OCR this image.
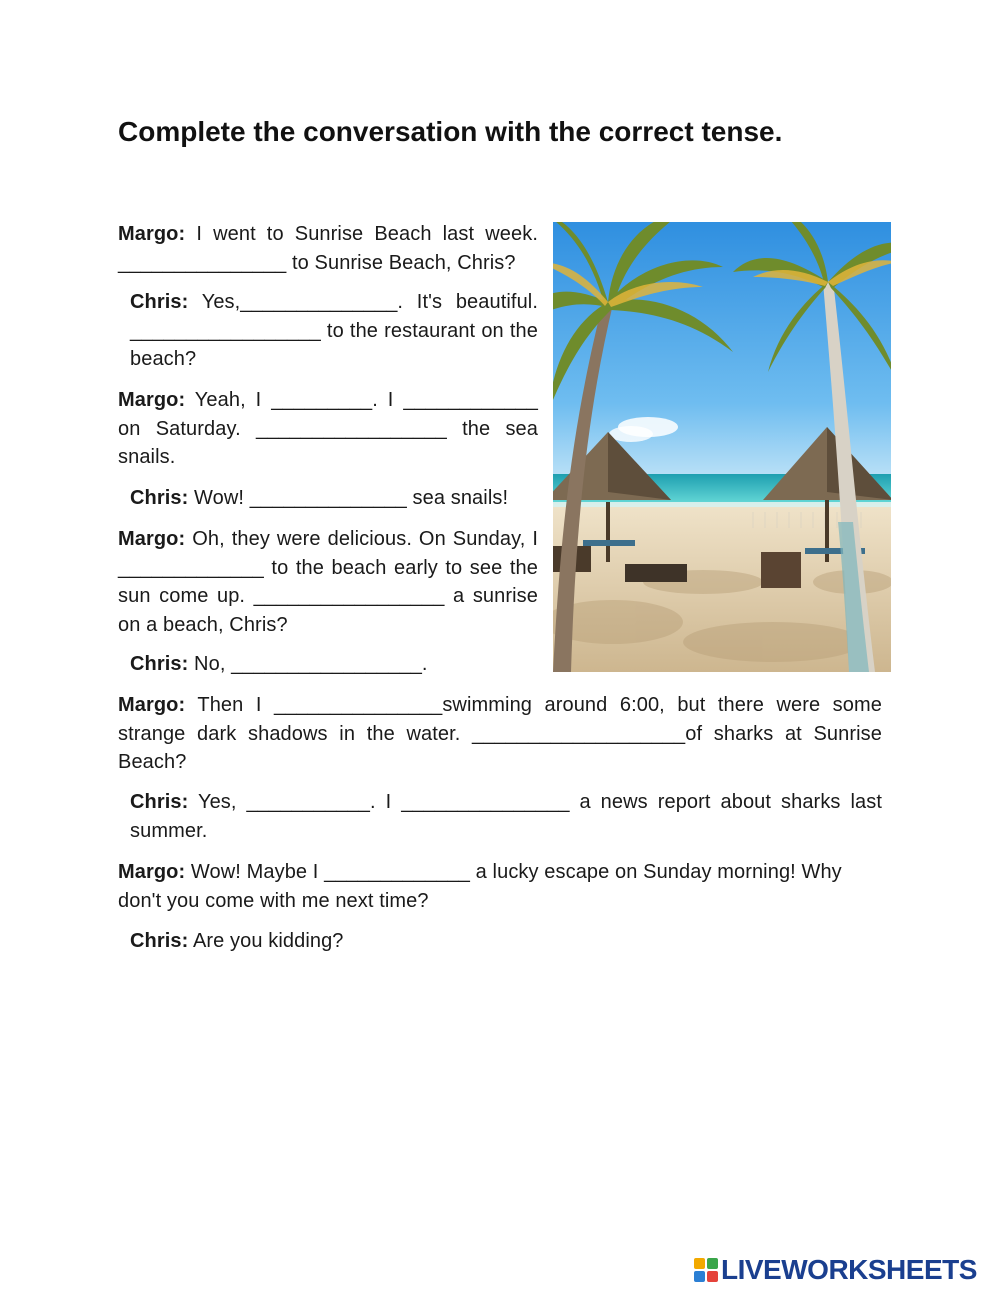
Complete the conversation with the correct tense.

Margo: I went to Sunrise Beach last week. _______________ to Sunrise Beach, Chris?

Chris: Yes,______________. It's beautiful. _________________ to the restaurant on the beach?

Margo: Yeah, I _________. I ____________ on Saturday. _________________ the sea snails.

Chris: Wow! ______________ sea snails!

Margo: Oh, they were delicious. On Sunday, I _____________ to the beach early to see the sun come up. _________________ a sunrise on a beach, Chris?

Chris: No, _________________.

Margo: Then I _______________swimming around 6:00, but there were some strange dark shadows in the water. ___________________of sharks at Sunrise Beach?

Chris: Yes, ___________. I _______________ a news report about sharks last summer.

Margo: Wow! Maybe I _____________ a lucky escape on Sunday morning! Why don't you come with me next time?

Chris: Are you kidding?

LIVEWORKSHEETS
